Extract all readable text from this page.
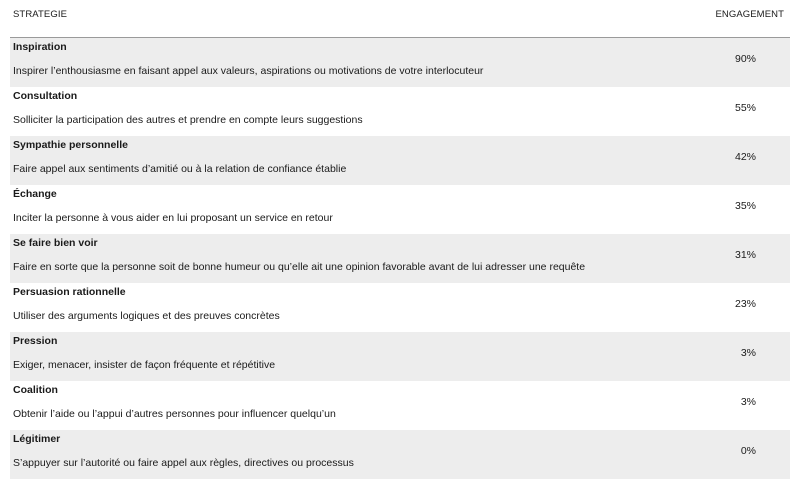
STRATEGIE	ENGAGEMENT
Inspiration
Inspirer l’enthousiasme en faisant appel aux valeurs, aspirations ou motivations de votre interlocuteur
90%
Consultation
Solliciter la participation des autres et prendre en compte leurs suggestions
55%
Sympathie personnelle
Faire appel aux sentiments d’amitié ou à la relation de confiance établie
42%
Échange
Inciter la personne à vous aider en lui proposant un service en retour
35%
Se faire bien voir
Faire en sorte que la personne soit de bonne humeur ou qu’elle ait une opinion favorable avant de lui adresser une requête
31%
Persuasion rationnelle
Utiliser des arguments logiques et des preuves concrètes
23%
Pression
Exiger, menacer, insister de façon fréquente et répétitive
3%
Coalition
Obtenir l’aide ou l’appui d’autres personnes pour influencer quelqu’un
3%
Légitimer
S’appuyer sur l’autorité ou faire appel aux règles, directives ou processus
0%
